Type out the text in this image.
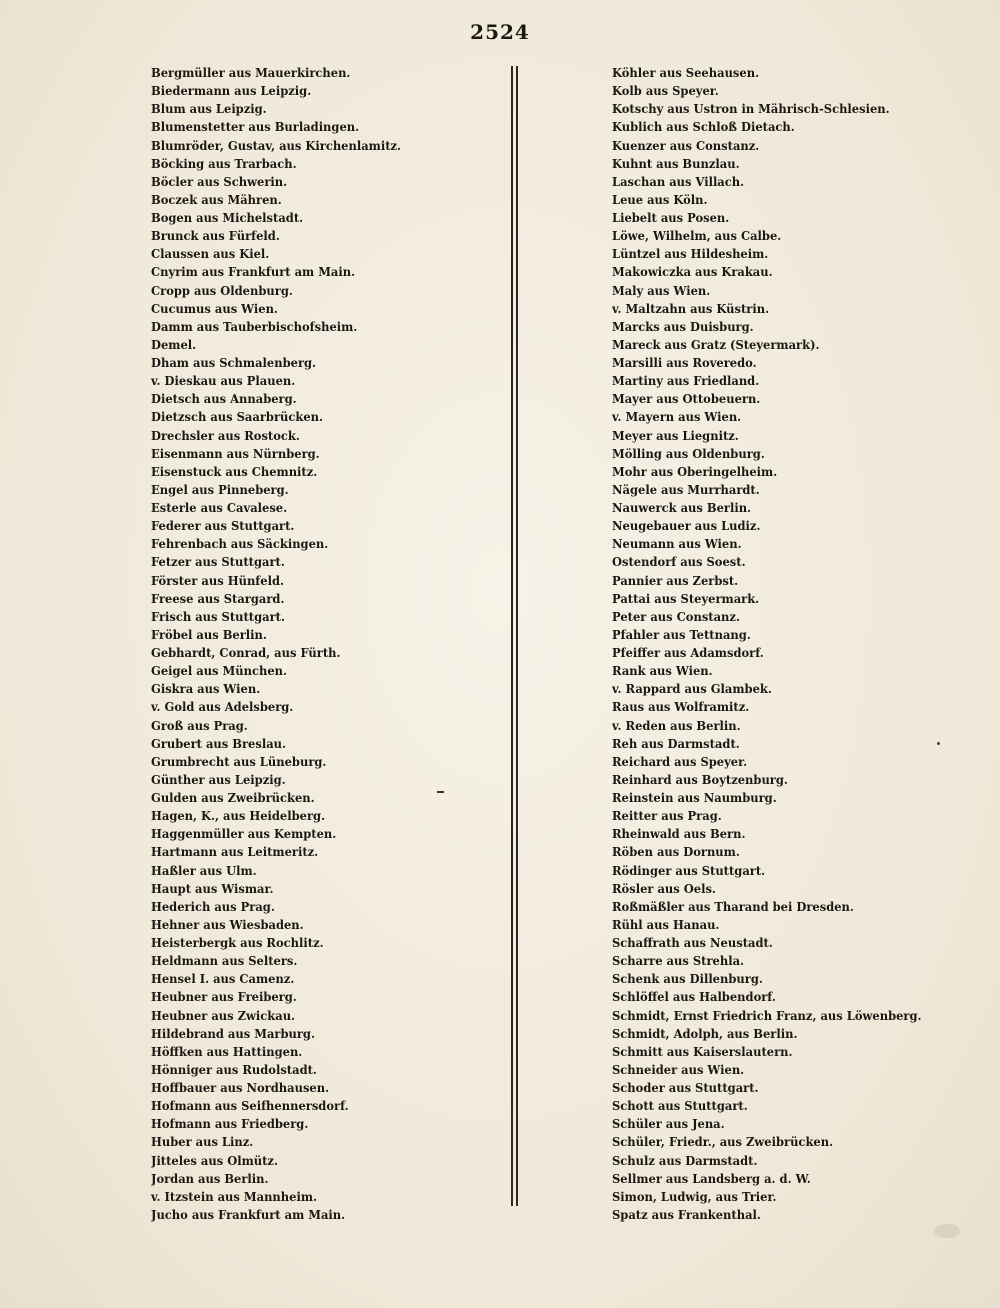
2524
Bergmüller aus Mauerkirchen.
Biedermann aus Leipzig.
Blum aus Leipzig.
Blumenstetter aus Burladingen.
Blumröder, Gustav, aus Kirchenlamitz.
Böcking aus Trarbach.
Böcler aus Schwerin.
Boczek aus Mähren.
Bogen aus Michelstadt.
Brunck aus Fürfeld.
Claussen aus Kiel.
Cnyrim aus Frankfurt am Main.
Cropp aus Oldenburg.
Cucumus aus Wien.
Damm aus Tauberbischofsheim.
Demel.
Dham aus Schmalenberg.
v. Dieskau aus Plauen.
Dietsch aus Annaberg.
Dietzsch aus Saarbrücken.
Drechsler aus Rostock.
Eisenmann aus Nürnberg.
Eisenstuck aus Chemnitz.
Engel aus Pinneberg.
Esterle aus Cavalese.
Federer aus Stuttgart.
Fehrenbach aus Säckingen.
Fetzer aus Stuttgart.
Förster aus Hünfeld.
Freese aus Stargard.
Frisch aus Stuttgart.
Fröbel aus Berlin.
Gebhardt, Conrad, aus Fürth.
Geigel aus München.
Giskra aus Wien.
v. Gold aus Adelsberg.
Groß aus Prag.
Grubert aus Breslau.
Grumbrecht aus Lüneburg.
Günther aus Leipzig.
Gulden aus Zweibrücken.
Hagen, K., aus Heidelberg.
Haggenmüller aus Kempten.
Hartmann aus Leitmeritz.
Haßler aus Ulm.
Haupt aus Wismar.
Hederich aus Prag.
Hehner aus Wiesbaden.
Heisterbergk aus Rochlitz.
Heldmann aus Selters.
Hensel I. aus Camenz.
Heubner aus Freiberg.
Heubner aus Zwickau.
Hildebrand aus Marburg.
Höffken aus Hattingen.
Hönniger aus Rudolstadt.
Hoffbauer aus Nordhausen.
Hofmann aus Seifhennersdorf.
Hofmann aus Friedberg.
Huber aus Linz.
Jitteles aus Olmütz.
Jordan aus Berlin.
v. Itzstein aus Mannheim.
Jucho aus Frankfurt am Main.
Köhler aus Seehausen.
Kolb aus Speyer.
Kotschy aus Ustron in Mährisch-Schlesien.
Kublich aus Schloß Dietach.
Kuenzer aus Constanz.
Kuhnt aus Bunzlau.
Laschan aus Villach.
Leue aus Köln.
Liebelt aus Posen.
Löwe, Wilhelm, aus Calbe.
Lüntzel aus Hildesheim.
Makowiczka aus Krakau.
Maly aus Wien.
v. Maltzahn aus Küstrin.
Marcks aus Duisburg.
Mareck aus Gratz (Steyermark).
Marsilli aus Roveredo.
Martiny aus Friedland.
Mayer aus Ottobeuern.
v. Mayern aus Wien.
Meyer aus Liegnitz.
Mölling aus Oldenburg.
Mohr aus Oberingelheim.
Nägele aus Murrhardt.
Nauwerck aus Berlin.
Neugebauer aus Ludiz.
Neumann aus Wien.
Ostendorf aus Soest.
Pannier aus Zerbst.
Pattai aus Steyermark.
Peter aus Constanz.
Pfahler aus Tettnang.
Pfeiffer aus Adamsdorf.
Rank aus Wien.
v. Rappard aus Glambek.
Raus aus Wolframitz.
v. Reden aus Berlin.
Reh aus Darmstadt.
Reichard aus Speyer.
Reinhard aus Boytzenburg.
Reinstein aus Naumburg.
Reitter aus Prag.
Rheinwald aus Bern.
Röben aus Dornum.
Rödinger aus Stuttgart.
Rösler aus Oels.
Roßmäßler aus Tharand bei Dresden.
Rühl aus Hanau.
Schaffrath aus Neustadt.
Scharre aus Strehla.
Schenk aus Dillenburg.
Schlöffel aus Halbendorf.
Schmidt, Ernst Friedrich Franz, aus Löwenberg.
Schmidt, Adolph, aus Berlin.
Schmitt aus Kaiserslautern.
Schneider aus Wien.
Schoder aus Stuttgart.
Schott aus Stuttgart.
Schüler aus Jena.
Schüler, Friedr., aus Zweibrücken.
Schulz aus Darmstadt.
Sellmer aus Landsberg a. d. W.
Simon, Ludwig, aus Trier.
Spatz aus Frankenthal.
